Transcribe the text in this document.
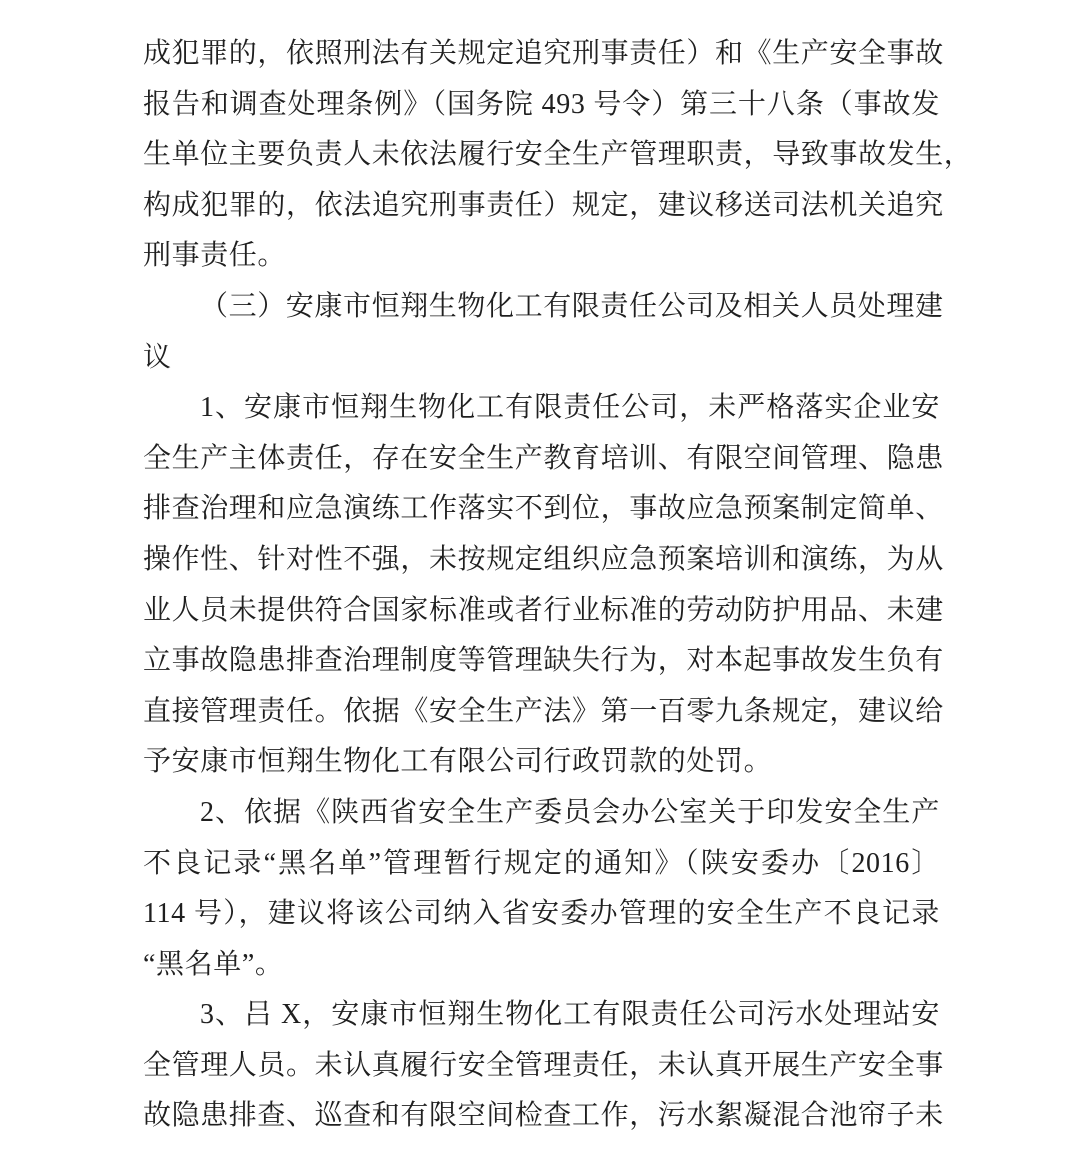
成犯罪的，依照刑法有关规定追究刑事责任）和《生产安全事故
报告和调查处理条例》（国务院 493 号令）第三十八条（事故发
生单位主要负责人未依法履行安全生产管理职责，导致事故发生，
构成犯罪的，依法追究刑事责任）规定，建议移送司法机关追究
刑事责任。
（三）安康市恒翔生物化工有限责任公司及相关人员处理建
议
1、安康市恒翔生物化工有限责任公司，未严格落实企业安
全生产主体责任，存在安全生产教育培训、有限空间管理、隐患
排查治理和应急演练工作落实不到位，事故应急预案制定简单、
操作性、针对性不强，未按规定组织应急预案培训和演练，为从
业人员未提供符合国家标准或者行业标准的劳动防护用品、未建
立事故隐患排查治理制度等管理缺失行为，对本起事故发生负有
直接管理责任。依据《安全生产法》第一百零九条规定，建议给
予安康市恒翔生物化工有限公司行政罚款的处罚。
2、依据《陕西省安全生产委员会办公室关于印发安全生产
不良记录“黑名单”管理暂行规定的通知》（陕安委办〔2016〕
114 号），建议将该公司纳入省安委办管理的安全生产不良记录
“黑名单”。
3、吕 X，安康市恒翔生物化工有限责任公司污水处理站安
全管理人员。未认真履行安全管理责任，未认真开展生产安全事
故隐患排查、巡查和有限空间检查工作，污水絮凝混合池帘子未
